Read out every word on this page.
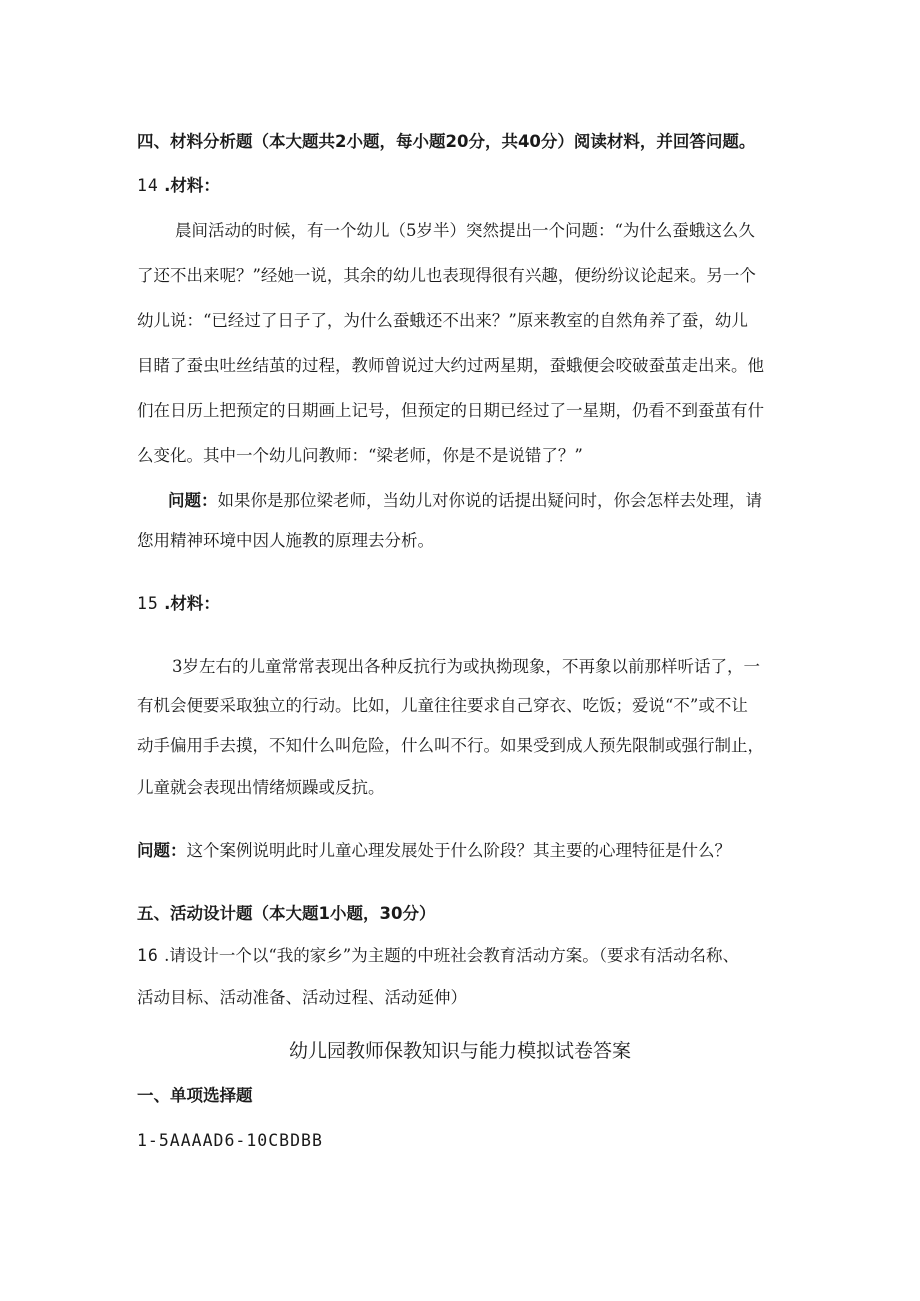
四、材料分析题（本大题共2小题，每小题20分，共40分）阅读材料，并回答问题。
14 .材料：
晨间活动的时候，有一个幼儿（5岁半）突然提出一个问题：“为什么蚕蛾这么久
了还不出来呢？”经她一说，其余的幼儿也表现得很有兴趣，便纷纷议论起来。另一个
幼儿说：“已经过了日子了，为什么蚕蛾还不出来？”原来教室的自然角养了蚕，幼儿
目睹了蚕虫吐丝结茧的过程，教师曾说过大约过两星期，蚕蛾便会咬破蚕茧走出来。他
们在日历上把预定的日期画上记号，但预定的日期已经过了一星期，仍看不到蚕茧有什
么变化。其中一个幼儿问教师：“梁老师，你是不是说错了？”
问题：如果你是那位梁老师，当幼儿对你说的话提出疑问时，你会怎样去处理，请
您用精神环境中因人施教的原理去分析。
15 .材料：
3岁左右的儿童常常表现出各种反抗行为或执拗现象，不再象以前那样听话了，一
有机会便要采取独立的行动。比如，儿童往往要求自己穿衣、吃饭；爱说“不”或不让
动手偏用手去摸，不知什么叫危险，什么叫不行。如果受到成人预先限制或强行制止，
儿童就会表现出情绪烦躁或反抗。
问题：这个案例说明此时儿童心理发展处于什么阶段？其主要的心理特征是什么？
五、活动设计题（本大题1小题，30分）
16 .请设计一个以“我的家乡”为主题的中班社会教育活动方案。（要求有活动名称、
活动目标、活动准备、活动过程、活动延伸）
幼儿园教师保教知识与能力模拟试卷答案
一、单项选择题
1-5AAAAD6-10CBDBB
